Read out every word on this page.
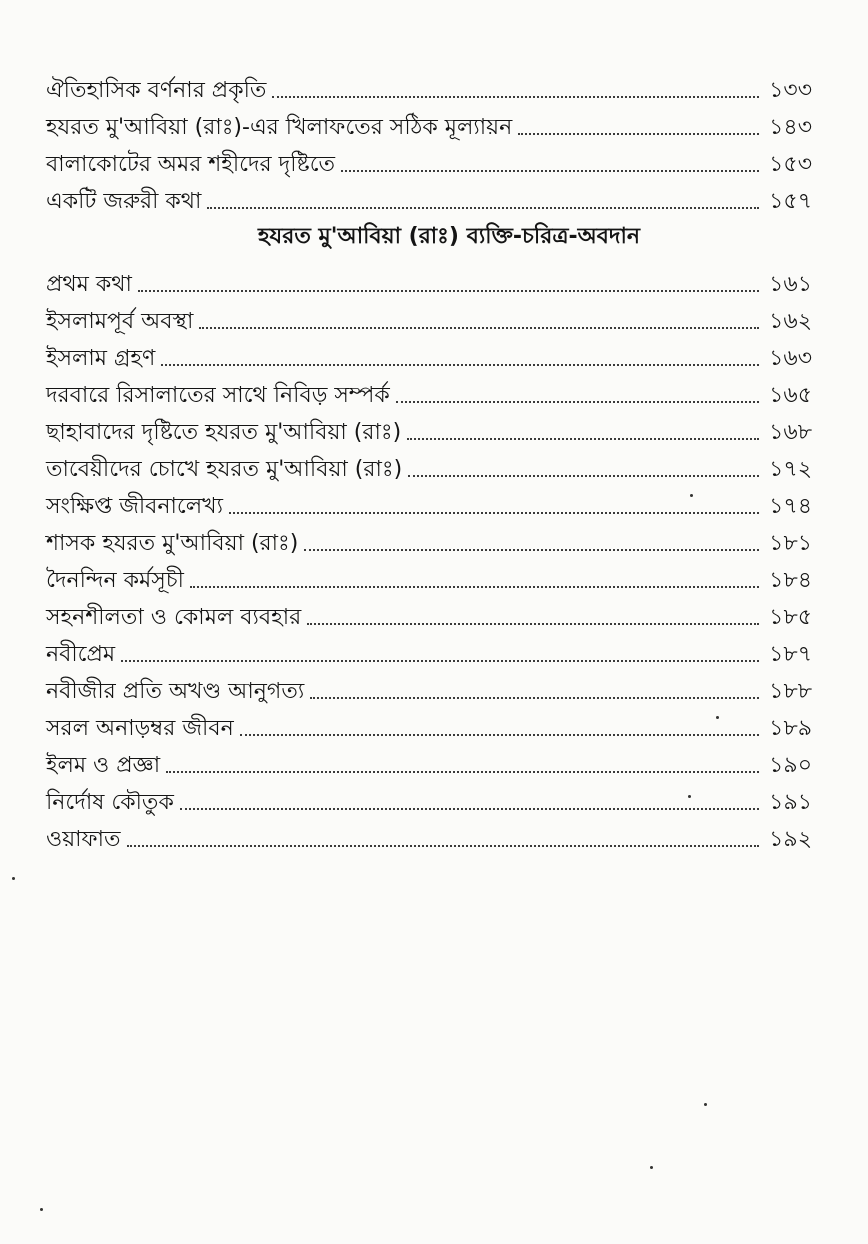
ঐতিহাসিক বর্ণনার প্রকৃতি	১৩৩
হযরত মু'আবিয়া (রাঃ)-এর খিলাফতের সঠিক মূল্যায়ন	১৪৩
বালাকোটের অমর শহীদের দৃষ্টিতে	১৫৩
একটি জরুরী কথা	১৫৭
হযরত মু'আবিয়া (রাঃ) ব্যক্তি-চরিত্র-অবদান
প্রথম কথা	১৬১
ইসলামপূর্ব অবস্থা	১৬২
ইসলাম গ্রহণ	১৬৩
দরবারে রিসালাতের সাথে নিবিড় সম্পর্ক	১৬৫
ছাহাবাদের দৃষ্টিতে হযরত মু'আবিয়া (রাঃ)	১৬৮
তাবেয়ীদের চোখে হযরত মু'আবিয়া (রাঃ)	১৭২
সংক্ষিপ্ত জীবনালেখ্য	১৭৪
শাসক হযরত মু'আবিয়া (রাঃ)	১৮১
দৈনন্দিন কর্মসূচী	১৮৪
সহনশীলতা ও কোমল ব্যবহার	১৮৫
নবীপ্রেম	১৮৭
নবীজীর প্রতি অখণ্ড আনুগত্য	১৮৮
সরল অনাড়ম্বর জীবন	১৮৯
ইলম ও প্রজ্ঞা	১৯০
নির্দোষ কৌতুক	১৯১
ওয়াফাত	১৯২
